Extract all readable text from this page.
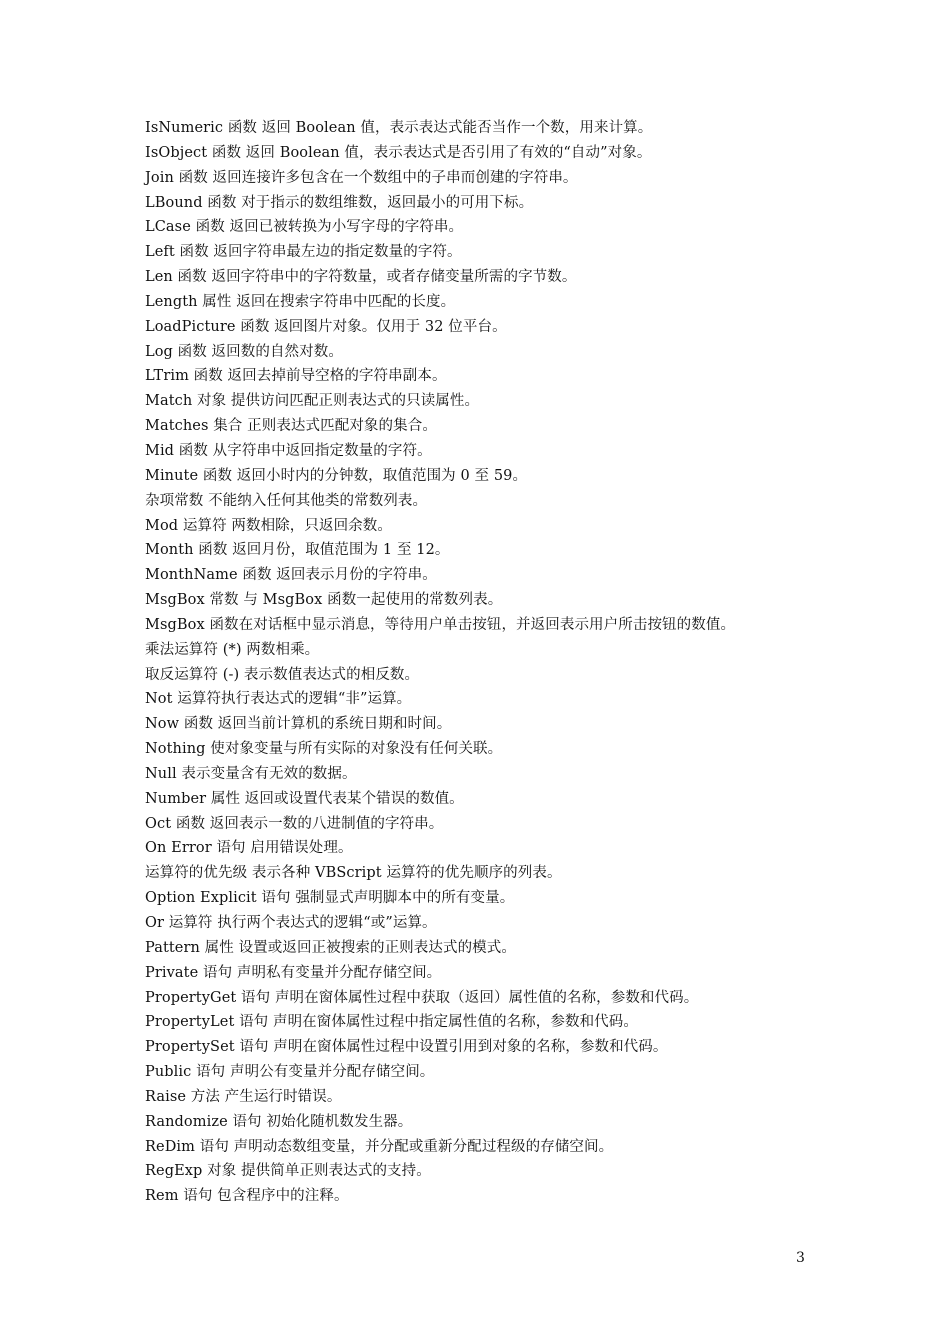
IsNumeric 函数 返回 Boolean 值，表示表达式能否当作一个数，用来计算。
IsObject 函数 返回 Boolean 值，表示表达式是否引用了有效的“自动”对象。
Join 函数 返回连接许多包含在一个数组中的子串而创建的字符串。
LBound 函数 对于指示的数组维数，返回最小的可用下标。
LCase 函数 返回已被转换为小写字母的字符串。
Left 函数 返回字符串最左边的指定数量的字符。
Len 函数 返回字符串中的字符数量，或者存储变量所需的字节数。
Length 属性 返回在搜索字符串中匹配的长度。
LoadPicture 函数 返回图片对象。仅用于 32 位平台。
Log 函数 返回数的自然对数。
LTrim 函数 返回去掉前导空格的字符串副本。
Match 对象 提供访问匹配正则表达式的只读属性。
Matches 集合 正则表达式匹配对象的集合。
Mid 函数 从字符串中返回指定数量的字符。
Minute 函数 返回小时内的分钟数，取值范围为 0 至 59。
杂项常数 不能纳入任何其他类的常数列表。
Mod 运算符 两数相除，只返回余数。
Month 函数 返回月份，取值范围为 1 至 12。
MonthName 函数 返回表示月份的字符串。
MsgBox 常数 与 MsgBox 函数一起使用的常数列表。
MsgBox 函数在对话框中显示消息，等待用户单击按钮，并返回表示用户所击按钮的数值。
乘法运算符 (*) 两数相乘。
取反运算符 (-) 表示数值表达式的相反数。
Not 运算符执行表达式的逻辑“非”运算。
Now 函数 返回当前计算机的系统日期和时间。
Nothing 使对象变量与所有实际的对象没有任何关联。
Null 表示变量含有无效的数据。
Number 属性 返回或设置代表某个错误的数值。
Oct 函数 返回表示一数的八进制值的字符串。
On Error 语句 启用错误处理。
运算符的优先级 表示各种 VBScript 运算符的优先顺序的列表。
Option Explicit 语句 强制显式声明脚本中的所有变量。
Or 运算符 执行两个表达式的逻辑“或”运算。
Pattern 属性 设置或返回正被搜索的正则表达式的模式。
Private 语句 声明私有变量并分配存储空间。
PropertyGet 语句 声明在窗体属性过程中获取（返回）属性值的名称，参数和代码。
PropertyLet 语句 声明在窗体属性过程中指定属性值的名称，参数和代码。
PropertySet 语句 声明在窗体属性过程中设置引用到对象的名称，参数和代码。
Public 语句 声明公有变量并分配存储空间。
Raise 方法 产生运行时错误。
Randomize 语句 初始化随机数发生器。
ReDim 语句 声明动态数组变量，并分配或重新分配过程级的存储空间。
RegExp 对象 提供简单正则表达式的支持。
Rem 语句 包含程序中的注释。
3
